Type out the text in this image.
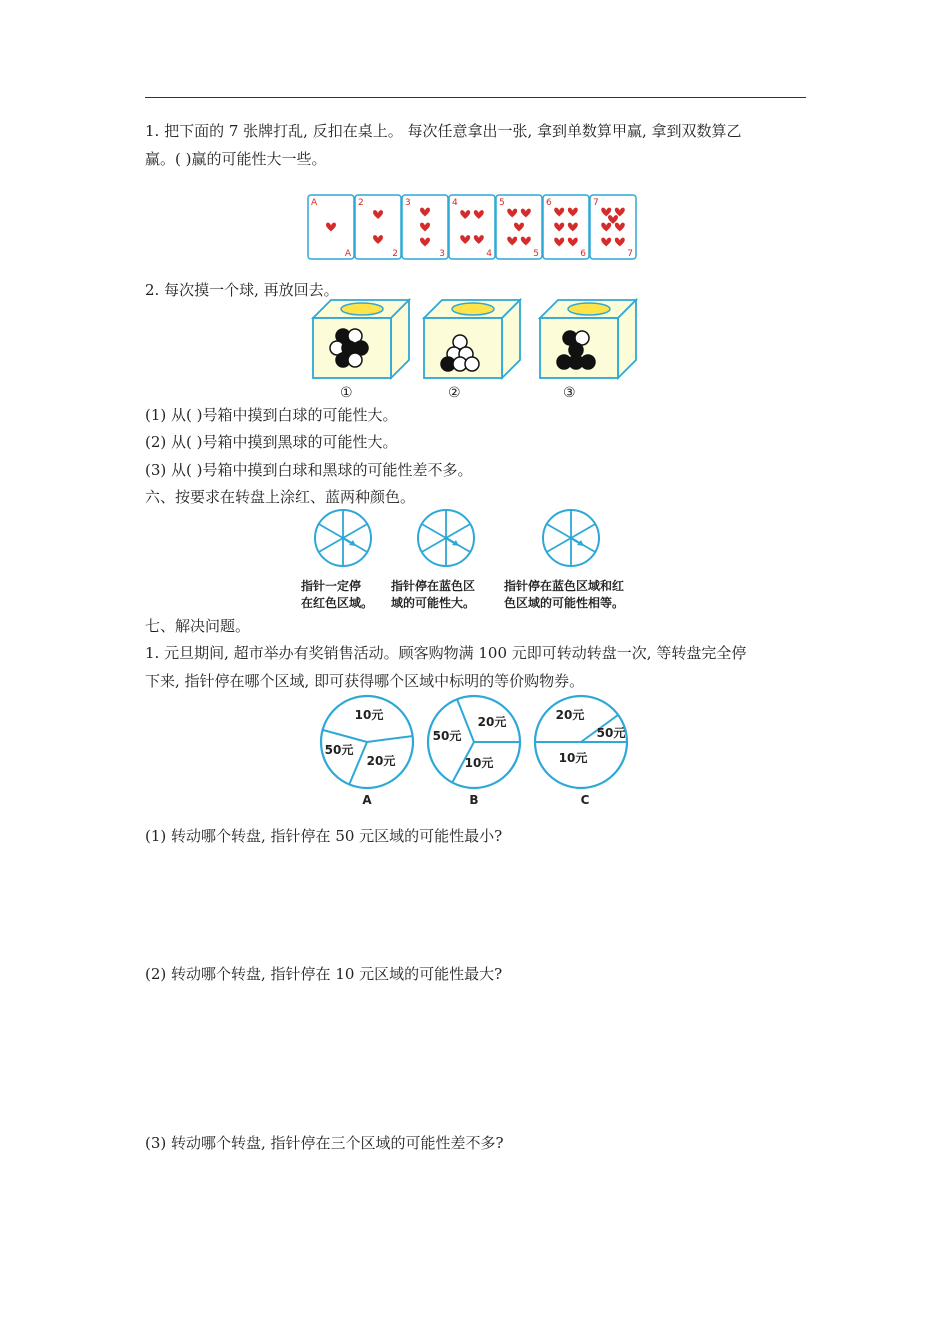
1. 把下面的 7 张牌打乱, 反扣在桌上。 每次任意拿出一张, 拿到单数算甲赢, 拿到双数算乙
赢。( )赢的可能性大一些。
A
A
2
2
3
3
4
4
5
5
6
6
7
7
2. 每次摸一个球, 再放回去。
①	②	③
(1) 从( )号箱中摸到白球的可能性大。
(2) 从( )号箱中摸到黑球的可能性大。
(3) 从( )号箱中摸到白球和黑球的可能性差不多。
六、按要求在转盘上涂红、蓝两种颜色。
指针一定停
在红色区域。
指针停在蓝色区
域的可能性大。
指针停在蓝色区域和红
色区域的可能性相等。
七、解决问题。
1. 元旦期间, 超市举办有奖销售活动。顾客购物满 100 元即可转动转盘一次, 等转盘完全停
下来, 指针停在哪个区域, 即可获得哪个区域中标明的等价购物券。
10元
50元
20元
A
20元
50元
10元
B
20元
50元
10元
C
(1) 转动哪个转盘, 指针停在 50 元区域的可能性最小?
(2) 转动哪个转盘, 指针停在 10 元区域的可能性最大?
(3) 转动哪个转盘, 指针停在三个区域的可能性差不多?
